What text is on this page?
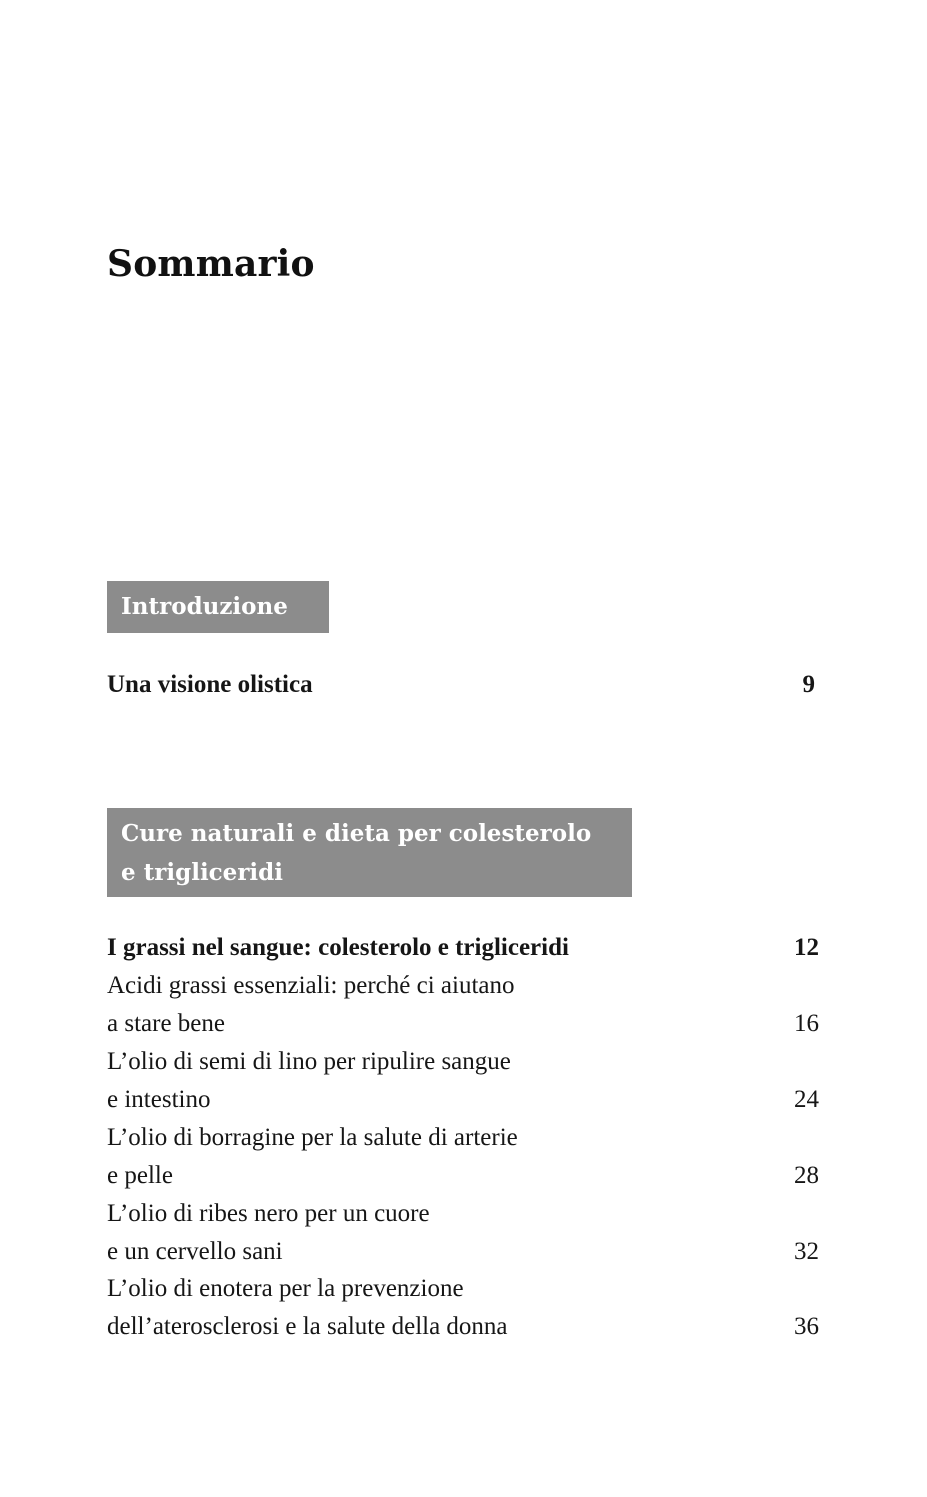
Sommario
Introduzione
Una visione olistica	9
Cure naturali e dieta per colesterolo
e trigliceridi
I grassi nel sangue: colesterolo e trigliceridi	12
Acidi grassi essenziali: perché ci aiutano
a stare bene	16
L’olio di semi di lino per ripulire sangue
e intestino	24
L’olio di borragine per la salute di arterie
e pelle	28
L’olio di ribes nero per un cuore
e un cervello sani	32
L’olio di enotera per la prevenzione
dell’aterosclerosi e la salute della donna	36
